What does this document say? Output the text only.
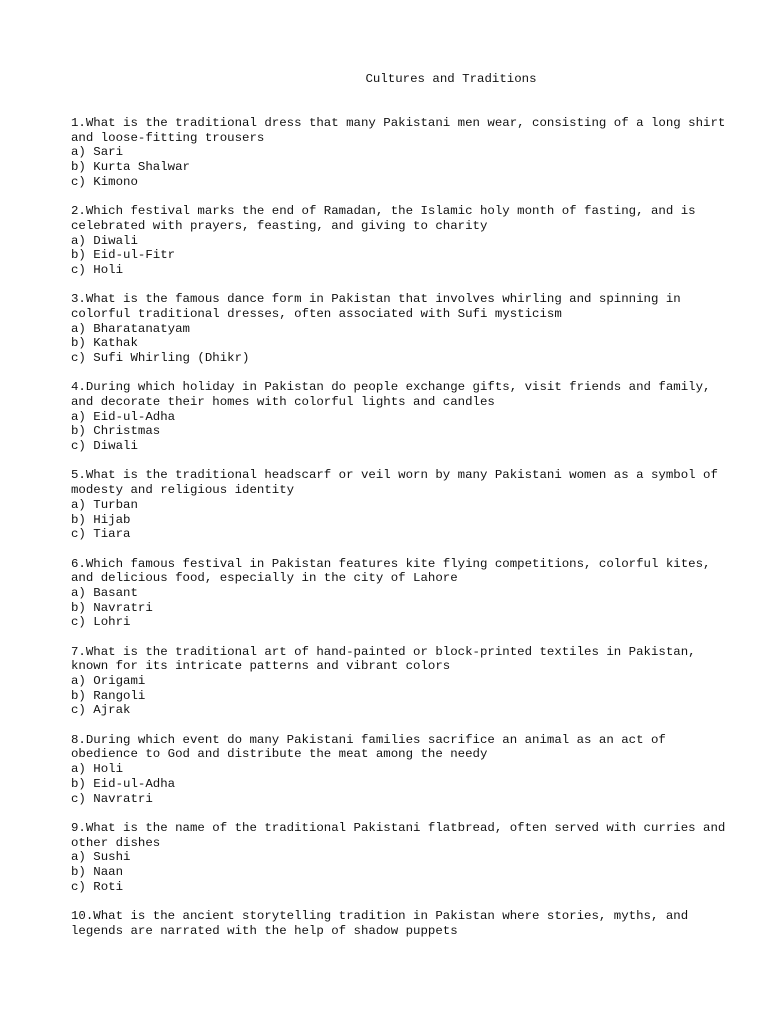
Cultures and Traditions
1.What is the traditional dress that many Pakistani men wear, consisting of a long shirt and loose-fitting trousers
a) Sari
b) Kurta Shalwar
c) Kimono
2.Which festival marks the end of Ramadan, the Islamic holy month of fasting, and is celebrated with prayers, feasting, and giving to charity
a) Diwali
b) Eid-ul-Fitr
c) Holi
3.What is the famous dance form in Pakistan that involves whirling and spinning in colorful traditional dresses, often associated with Sufi mysticism
a) Bharatanatyam
b) Kathak
c) Sufi Whirling (Dhikr)
4.During which holiday in Pakistan do people exchange gifts, visit friends and family, and decorate their homes with colorful lights and candles
a) Eid-ul-Adha
b) Christmas
c) Diwali
5.What is the traditional headscarf or veil worn by many Pakistani women as a symbol of modesty and religious identity
a) Turban
b) Hijab
c) Tiara
6.Which famous festival in Pakistan features kite flying competitions, colorful kites, and delicious food, especially in the city of Lahore
a) Basant
b) Navratri
c) Lohri
7.What is the traditional art of hand-painted or block-printed textiles in Pakistan, known for its intricate patterns and vibrant colors
a) Origami
b) Rangoli
c) Ajrak
8.During which event do many Pakistani families sacrifice an animal as an act of obedience to God and distribute the meat among the needy
a) Holi
b) Eid-ul-Adha
c) Navratri
9.What is the name of the traditional Pakistani flatbread, often served with curries and other dishes
a) Sushi
b) Naan
c) Roti
10.What is the ancient storytelling tradition in Pakistan where stories, myths, and legends are narrated with the help of shadow puppets
